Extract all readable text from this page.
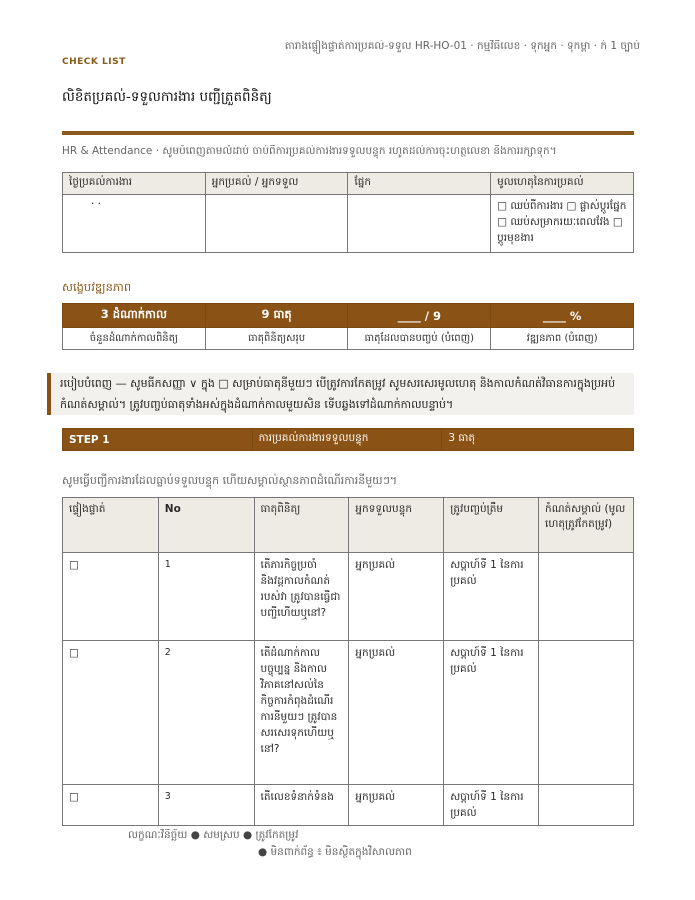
តារាងផ្ទៀងផ្ទាត់ការប្រគល់-ទទួល HR-HO-01 · កម្មវិធីលេខ · ទុកអ្នក · ទុកម្ពា · ក់ 1 ច្បាប់
CHECK LIST
លិខិតប្រគល់-ទទួលការងារ បញ្ជីត្រួតពិនិត្យ
HR & Attendance · សូមបំពេញតាមលំដាប់ ចាប់ពីការប្រគល់ការងារទទួលបន្ទុក រហូតដល់ការចុះហត្ថលេខា និងការរក្សាទុក។
ថ្ងៃប្រគល់ការងារ	អ្នកប្រគល់ / អ្នកទទួល	ផ្នែក	មូលហេតុនៃការប្រគល់
· ·			□ ឈប់ពីការងារ □ ផ្លាស់ប្តូរផ្នែក □ ឈប់សម្រាករយៈពេលវែង □ ប្តូរមុខងារ
សង្ខេបវឌ្ឍនភាព
3 ដំណាក់កាល	9 ធាតុ	____ / 9	____ %
ចំនួនដំណាក់កាលពិនិត្យ	ធាតុពិនិត្យសរុប	ធាតុដែលបានបញ្ចប់ (បំពេញ)	វឌ្ឍនភាព (បំពេញ)
របៀបបំពេញ — សូមធីកសញ្ញា ∨ ក្នុង □ សម្រាប់ធាតុនីមួយៗ បើត្រូវការកែតម្រូវ សូមសរសេរមូលហេតុ និងកាលកំណត់វិធានការក្នុងប្រអប់កំណត់សម្គាល់។ ត្រូវបញ្ចប់ធាតុទាំងអស់ក្នុងដំណាក់កាលមួយសិន ទើបឆ្លងទៅដំណាក់កាលបន្ទាប់។
STEP 1	ការប្រគល់ការងារទទួលបន្ទុក	3 ធាតុ
សូមធ្វើបញ្ជីការងារដែលធ្លាប់ទទួលបន្ទុក ហើយសម្គាល់ស្ថានភាពដំណើរការនីមួយៗ។
ផ្ទៀងផ្ទាត់	No	ធាតុពិនិត្យ	អ្នកទទួលបន្ទុក	ត្រូវបញ្ចប់ត្រឹម	កំណត់សម្គាល់ (មូលហេតុត្រូវកែតម្រូវ)
□	1	តើភារកិច្ចប្រចាំ និងវដ្តកាលកំណត់របស់វា ត្រូវបានធ្វើជាបញ្ជីហើយឬនៅ?	អ្នកប្រគល់	សប្តាហ៍ទី 1 នៃការប្រគល់	
□	2	តើដំណាក់កាលបច្ចុប្បន្ន និងកាលវិភាគនៅសល់នៃកិច្ចការកំពុងដំណើរការនីមួយៗ ត្រូវបានសរសេរទុកហើយឬនៅ?	អ្នកប្រគល់	សប្តាហ៍ទី 1 នៃការប្រគល់	
□	3	តើលេខទំនាក់ទំនង	អ្នកប្រគល់	សប្តាហ៍ទី 1 នៃការប្រគល់	
លក្ខណៈវិនិច្ឆ័យ ● សមស្រប ● ត្រូវកែតម្រូវ
● មិនពាក់ព័ន្ធ ៖ មិនស្ថិតក្នុងវិសាលភាព
